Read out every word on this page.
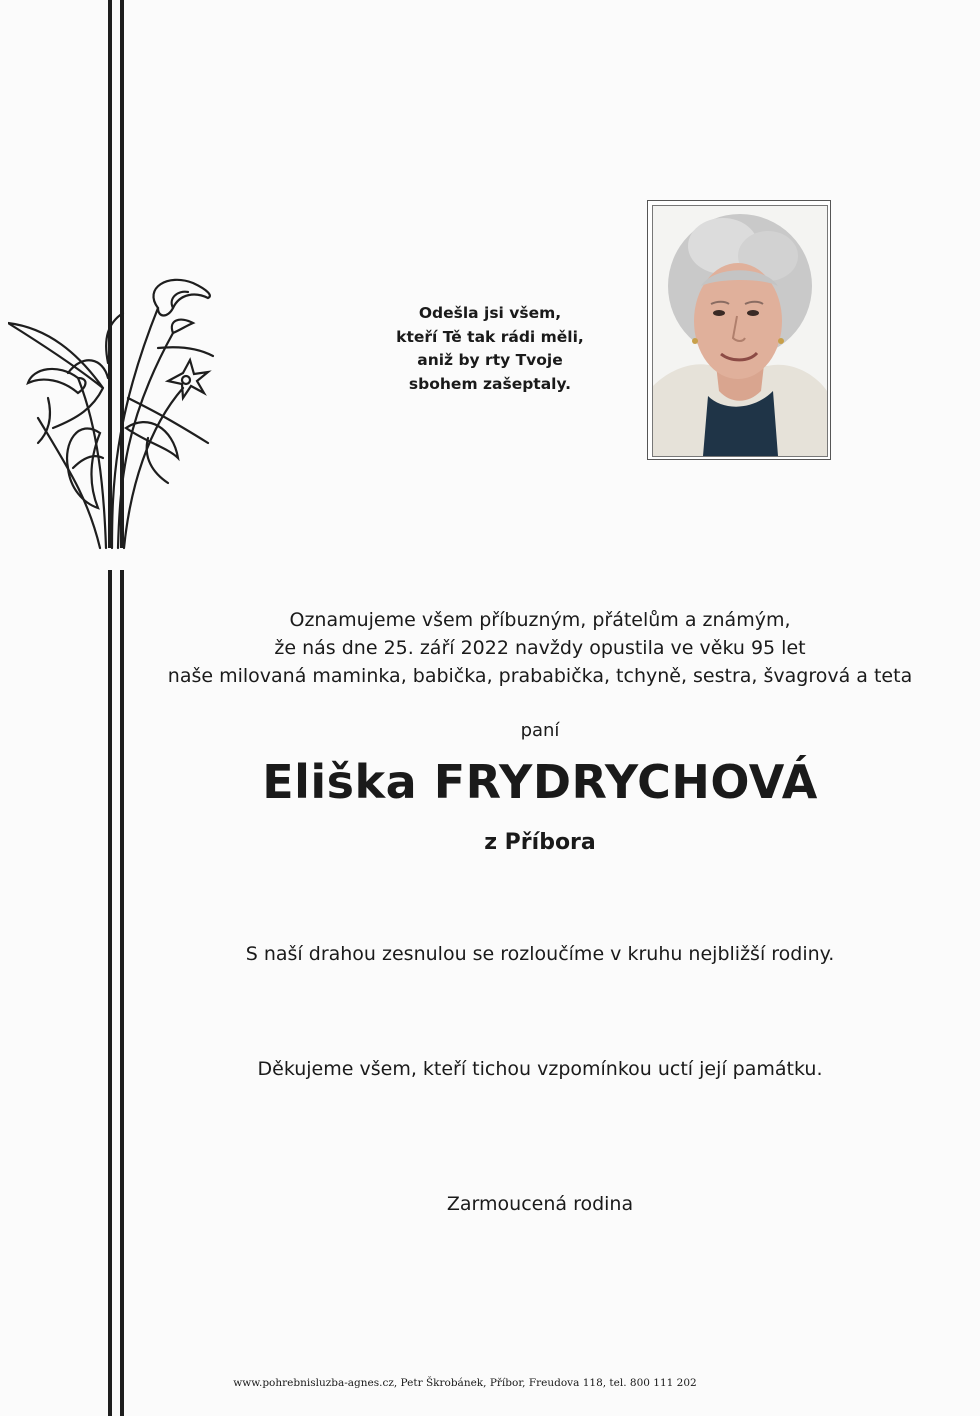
Odešla jsi všem,
kteří Tě tak rádi měli,
aniž by rty Tvoje
sbohem zašeptaly.
Oznamujeme všem příbuzným, přátelům a známým,
že nás dne 25. září 2022 navždy opustila ve věku 95 let
naše milovaná maminka, babička, prababička, tchyně, sestra, švagrová a teta
paní
Eliška FRYDRYCHOVÁ
z Příbora
S naší drahou zesnulou se rozloučíme v kruhu nejbližší rodiny.
Děkujeme všem, kteří tichou vzpomínkou uctí její památku.
Zarmoucená rodina
www.pohrebnisluzba-agnes.cz, Petr Škrobánek, Příbor, Freudova 118, tel. 800 111 202
